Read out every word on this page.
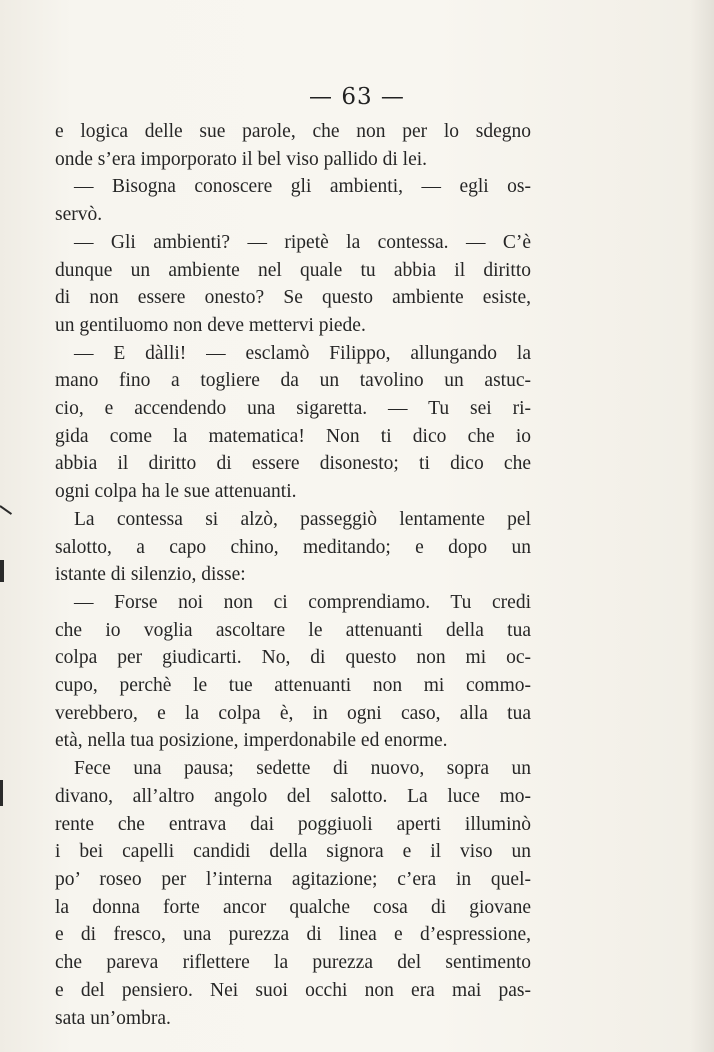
— 63 —
e logica delle sue parole, che non per lo sdegno
onde s’era imporporato il bel viso pallido di lei.
— Bisogna conoscere gli ambienti, — egli os-
servò.
— Gli ambienti? — ripetè la contessa. — C’è
dunque un ambiente nel quale tu abbia il diritto
di non essere onesto? Se questo ambiente esiste,
un gentiluomo non deve mettervi piede.
— E dàlli! — esclamò Filippo, allungando la
mano fino a togliere da un tavolino un astuc-
cio, e accendendo una sigaretta. — Tu sei ri-
gida come la matematica! Non ti dico che io
abbia il diritto di essere disonesto; ti dico che
ogni colpa ha le sue attenuanti.
La contessa si alzò, passeggiò lentamente pel
salotto, a capo chino, meditando; e dopo un
istante di silenzio, disse:
— Forse noi non ci comprendiamo. Tu credi
che io voglia ascoltare le attenuanti della tua
colpa per giudicarti. No, di questo non mi oc-
cupo, perchè le tue attenuanti non mi commo-
verebbero, e la colpa è, in ogni caso, alla tua
età, nella tua posizione, imperdonabile ed enorme.
Fece una pausa; sedette di nuovo, sopra un
divano, all’altro angolo del salotto. La luce mo-
rente che entrava dai poggiuoli aperti illuminò
i bei capelli candidi della signora e il viso un
po’ roseo per l’interna agitazione; c’era in quel-
la donna forte ancor qualche cosa di giovane
e di fresco, una purezza di linea e d’espressione,
che pareva riflettere la purezza del sentimento
e del pensiero. Nei suoi occhi non era mai pas-
sata un’ombra.
